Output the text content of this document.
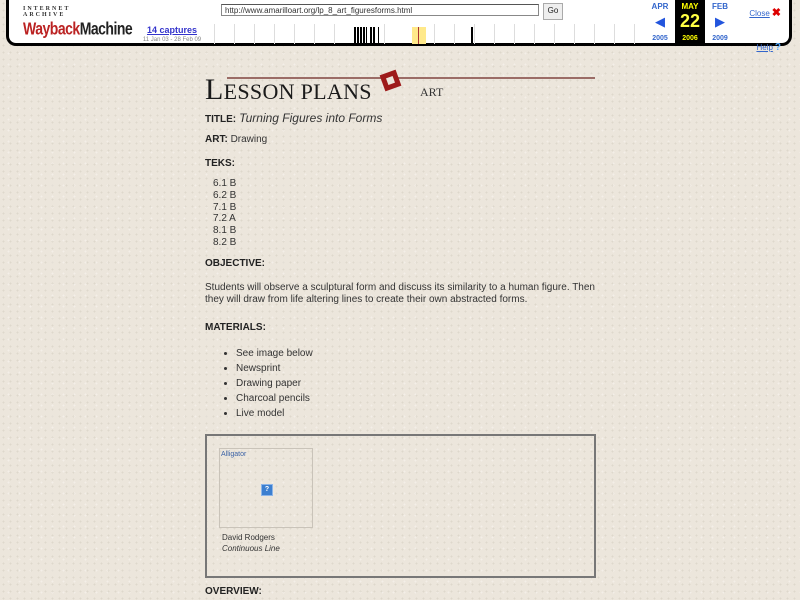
INTERNET ARCHIVE
WaybackMachine	14 captures
11 Jan 03 - 28 Feb 09
http://www.amarilloart.org/lp_8_art_figuresforms.html
Go	APR
◀
2005
MAY
22
2006
FEB
▶
2009
Close ✖
Help ?
LESSON PLANS	ART
TITLE: Turning Figures into Forms
ART: Drawing
TEKS:
6.1 B
6.2 B
7.1 B
7.2 A
8.1 B
8.2 B
OBJECTIVE:
Students will observe a sculptural form and discuss its similarity to a human figure. Then they will draw from life altering lines to create their own abstracted forms.
MATERIALS:
• See image below
• Newsprint
• Drawing paper
• Charcoal pencils
• Live model
Alligator
?
David Rodgers
Continuous Line
OVERVIEW:
